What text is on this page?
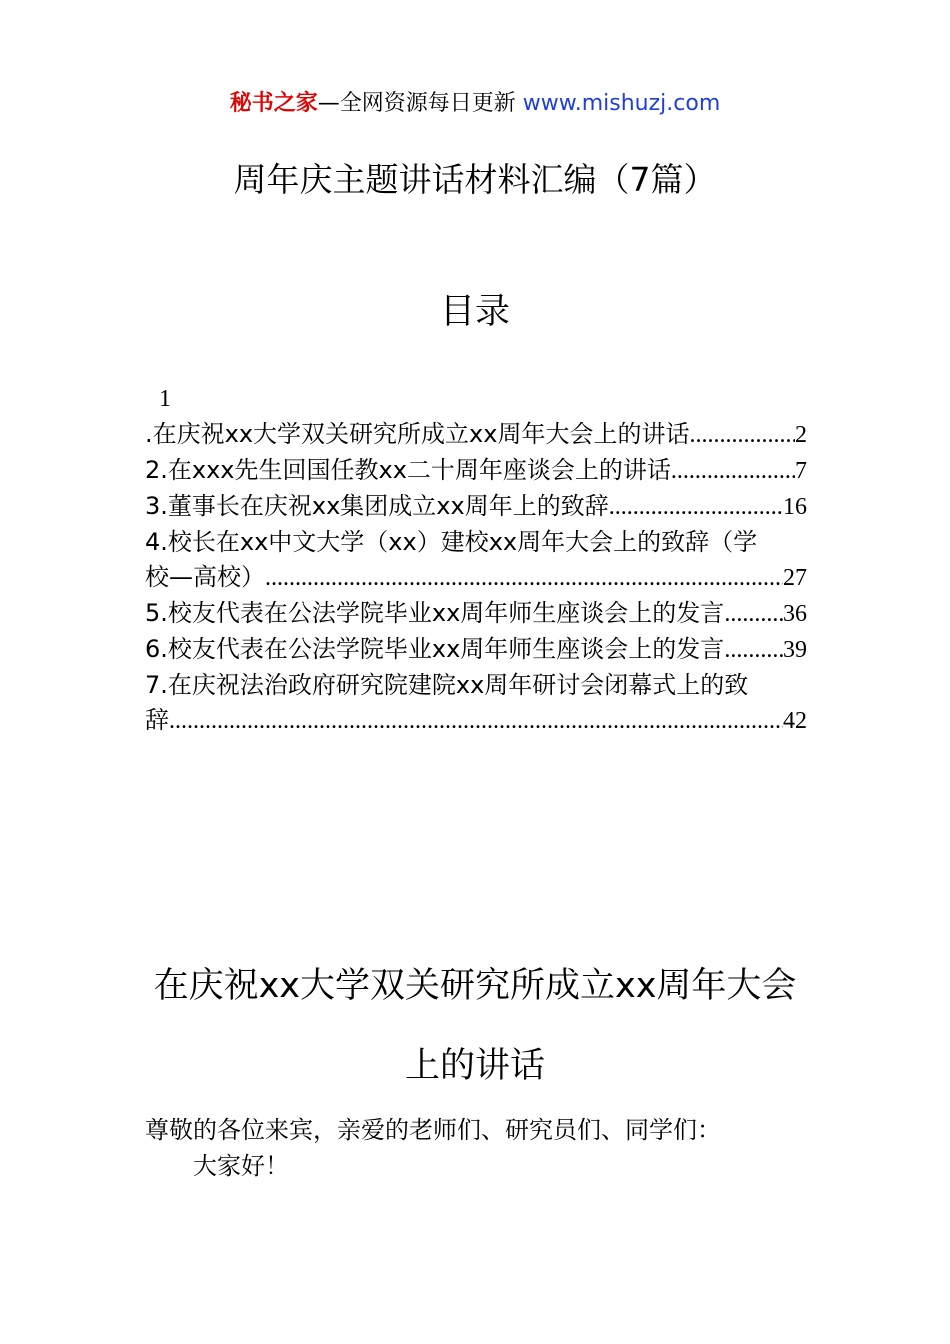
秘书之家—全网资源每日更新 www.mishuzj.com
周年庆主题讲话材料汇编（7篇）
目录
1
.在庆祝xx大学双关研究所成立xx周年大会上的讲话 .....	2
2.在xxx先生回国任教xx二十周年座谈会上的讲话 .....	7
3.董事长在庆祝xx集团成立xx周年上的致辞 .....	16
4.校长在xx中文大学（xx）建校xx周年大会上的致辞（学
校—高校） .....	27
5.校友代表在公法学院毕业xx周年师生座谈会上的发言 ..... 36
6.校友代表在公法学院毕业xx周年师生座谈会上的发言 ..... 39
7.在庆祝法治政府研究院建院xx周年研讨会闭幕式上的致
辞 .....	42
在庆祝xx大学双关研究所成立xx周年大会
上的讲话
尊敬的各位来宾，亲爱的老师们、研究员们、同学们：
大家好！
